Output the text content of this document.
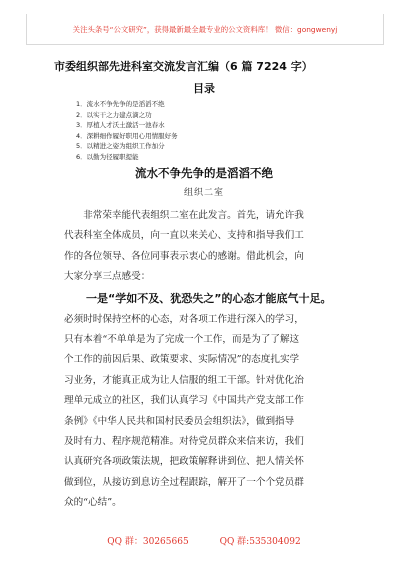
关注头条号“公文研究”，获得最新最全最专业的公文资料库！ 微信：gongwenyj
市委组织部先进科室交流发言汇编（6 篇 7224 字）
目录
1．流水不争先争的是滔滔不绝
2．以实干之力建点滴之功
3．厚植人才沃土激活一池春水
4．深耕细作履好职用心用情服好务
5．以精进之姿为组织工作加分
6．以勤为径履职提能
流水不争先争的是滔滔不绝
组织二室
　　非常荣幸能代表组织二室在此发言。首先，请允许我
代表科室全体成员，向一直以来关心、支持和指导我们工
作的各位领导、各位同事表示衷心的感谢。借此机会，向
大家分享三点感受：
　　一是“学如不及、犹恐失之”的心态才能底气十足。
必须时时保持空杯的心态，对各项工作进行深入的学习，
只有本着“不单单是为了完成一个工作，而是为了了解这
个工作的前因后果、政策要求、实际情况”的态度扎实学
习业务，才能真正成为让人信服的组工干部。针对优化治
理单元成立的社区，我们认真学习《中国共产党支部工作
条例》《中华人民共和国村民委员会组织法》，做到指导
及时有力、程序规范精准。对待党员群众来信来访，我们
认真研究各项政策法规，把政策解释讲到位、把人情关怀
做到位，从接访到息访全过程跟踪，解开了一个个党员群
众的“心结”。
QQ 群：30265665	QQ 群:535304092
